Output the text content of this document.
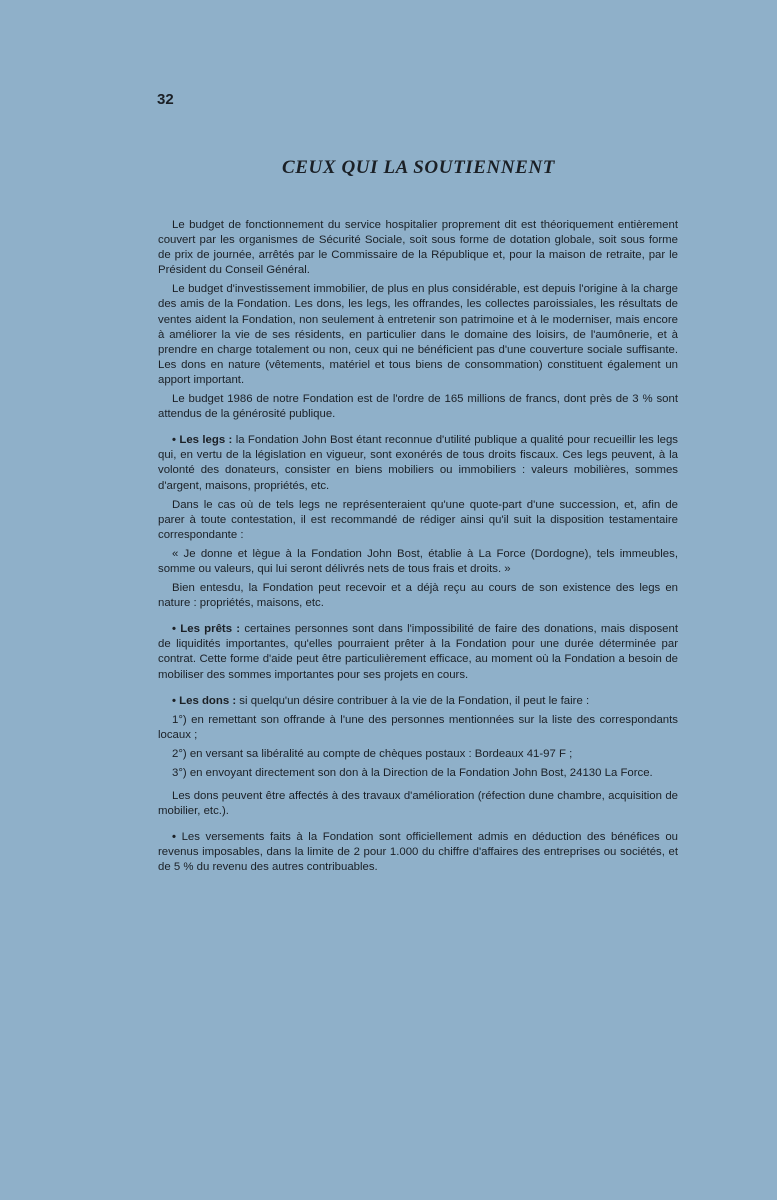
32
CEUX QUI LA SOUTIENNENT

Le budget de fonctionnement du service hospitalier proprement dit est théoriquement entièrement couvert par les organismes de Sécurité Sociale, soit sous forme de dotation globale, soit sous forme de prix de journée, arrêtés par le Commissaire de la République et, pour la maison de retraite, par le Président du Conseil Général.

Le budget d'investissement immobilier, de plus en plus considérable, est depuis l'origine à la charge des amis de la Fondation. Les dons, les legs, les offrandes, les collectes paroissiales, les résultats de ventes aident la Fondation, non seulement à entretenir son patrimoine et à le moderniser, mais encore à améliorer la vie de ses résidents, en particulier dans le domaine des loisirs, de l'aumônerie, et à prendre en charge totalement ou non, ceux qui ne bénéficient pas d'une couverture sociale suffisante. Les dons en nature (vêtements, matériel et tous biens de consommation) constituent également un apport important.

Le budget 1986 de notre Fondation est de l'ordre de 165 millions de francs, dont près de 3 % sont attendus de la générosité publique.

• Les legs : la Fondation John Bost étant reconnue d'utilité publique a qualité pour recueillir les legs qui, en vertu de la législation en vigueur, sont exonérés de tous droits fiscaux. Ces legs peuvent, à la volonté des donateurs, consister en biens mobiliers ou immobiliers : valeurs mobilières, sommes d'argent, maisons, propriétés, etc.

Dans le cas où de tels legs ne représenteraient qu'une quote-part d'une succession, et, afin de parer à toute contestation, il est recommandé de rédiger ainsi qu'il suit la disposition testamentaire correspondante :

« Je donne et lègue à la Fondation John Bost, établie à La Force (Dordogne), tels immeubles, somme ou valeurs, qui lui seront délivrés nets de tous frais et droits. »

Bien entesdu, la Fondation peut recevoir et a déjà reçu au cours de son existence des legs en nature : propriétés, maisons, etc.

• Les prêts : certaines personnes sont dans l'impossibilité de faire des donations, mais disposent de liquidités importantes, qu'elles pourraient prêter à la Fondation pour une durée déterminée par contrat. Cette forme d'aide peut être particulièrement efficace, au moment où la Fondation a besoin de mobiliser des sommes importantes pour ses projets en cours.

• Les dons : si quelqu'un désire contribuer à la vie de la Fondation, il peut le faire :

1°) en remettant son offrande à l'une des personnes mentionnées sur la liste des correspondants locaux ;

2°) en versant sa libéralité au compte de chèques postaux : Bordeaux 41-97 F ;

3°) en envoyant directement son don à la Direction de la Fondation John Bost, 24130 La Force.

Les dons peuvent être affectés à des travaux d'amélioration (réfection dune chambre, acquisition de mobilier, etc.).

• Les versements faits à la Fondation sont officiellement admis en déduction des bénéfices ou revenus imposables, dans la limite de 2 pour 1.000 du chiffre d'affaires des entreprises ou sociétés, et de 5 % du revenu des autres contribuables.
